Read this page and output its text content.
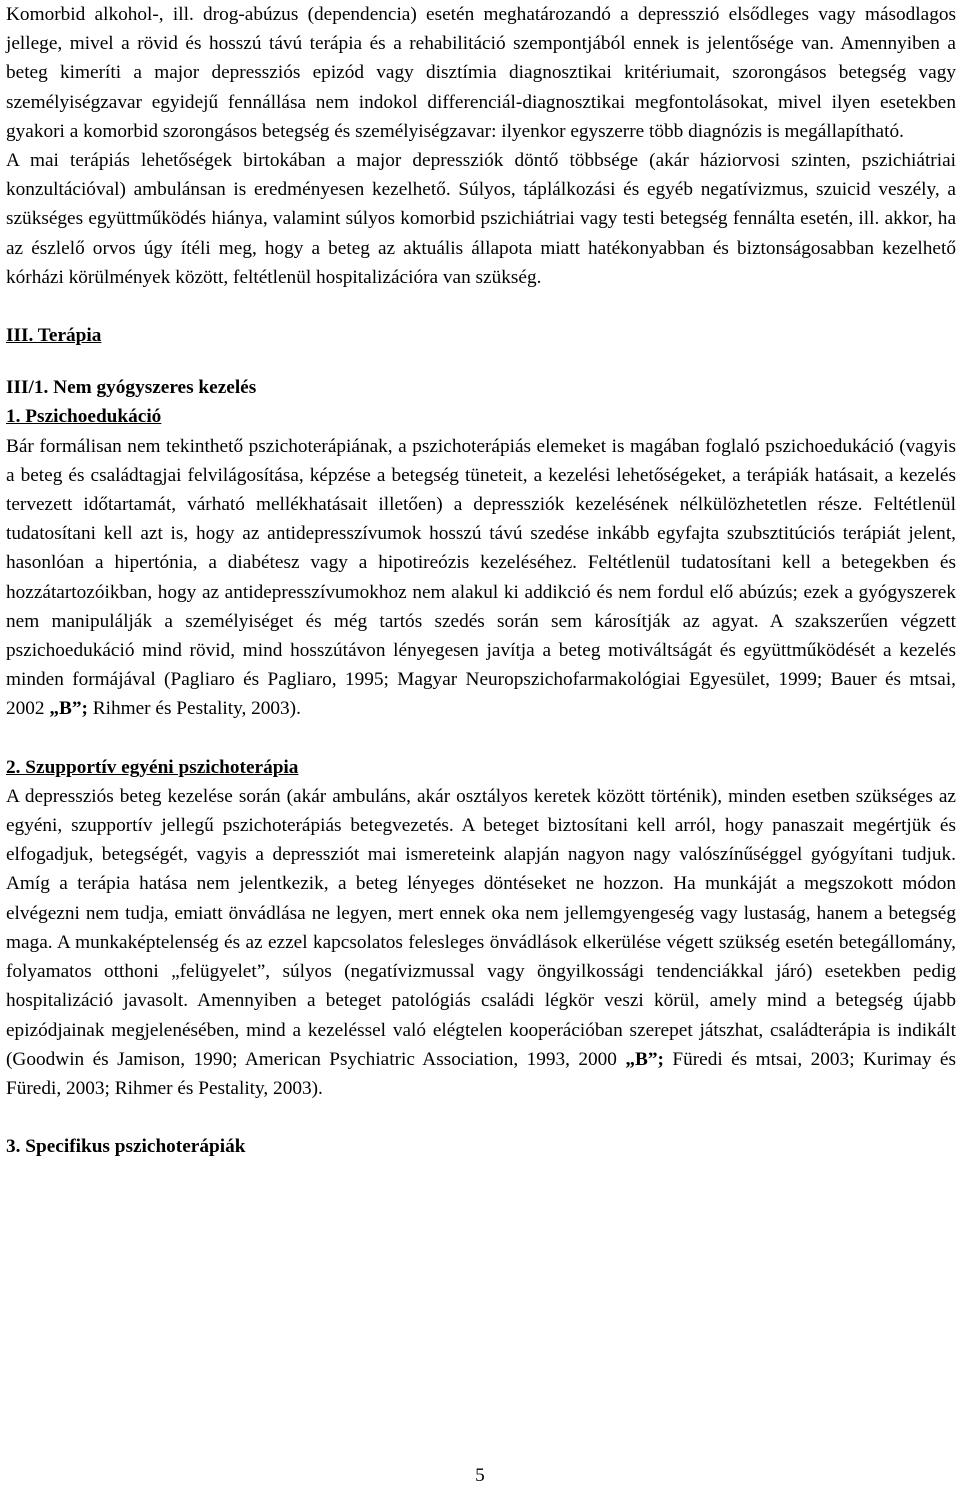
Komorbid alkohol-, ill. drog-abúzus (dependencia) esetén meghatározandó a depresszió elsődleges vagy másodlagos jellege, mivel a rövid és hosszú távú terápia és a rehabilitáció szempontjából ennek is jelentősége van. Amennyiben a beteg kimeríti a major depressziós epizód vagy disztímia diagnosztikai kritériumait, szorongásos betegség vagy személyiségzavar egyidejű fennállása nem indokol differenciál-diagnosztikai megfontolásokat, mivel ilyen esetekben gyakori a komorbid szorongásos betegség és személyiségzavar: ilyenkor egyszerre több diagnózis is megállapítható.

A mai terápiás lehetőségek birtokában a major depressziók döntő többsége (akár háziorvosi szinten, pszichiátriai konzultációval) ambulánsan is eredményesen kezelhető. Súlyos, táplálkozási és egyéb negatívizmus, szuicid veszély, a szükséges együttműködés hiánya, valamint súlyos komorbid pszichiátriai vagy testi betegség fennálta esetén, ill. akkor, ha az észlelő orvos úgy ítéli meg, hogy a beteg az aktuális állapota miatt hatékonyabban és biztonságosabban kezelhető kórházi körülmények között, feltétlenül hospitalizációra van szükség.

III. Terápia

III/1. Nem gyógyszeres kezelés

1. Pszichoedukáció

Bár formálisan nem tekinthető pszichoterápiának, a pszichoterápiás elemeket is magában foglaló pszichoedukáció (vagyis a beteg és családtagjai felvilágosítása, képzése a betegség tüneteit, a kezelési lehetőségeket, a terápiák hatásait, a kezelés tervezett időtartamát, várható mellékhatásait illetően) a depressziók kezelésének nélkülözhetetlen része. Feltétlenül tudatosítani kell azt is, hogy az antidepresszívumok hosszú távú szedése inkább egyfajta szubsztitúciós terápiát jelent, hasonlóan a hipertónia, a diabétesz vagy a hipotireózis kezeléséhez. Feltétlenül tudatosítani kell a betegekben és hozzátartozóikban, hogy az antidepresszívumokhoz nem alakul ki addikció és nem fordul elő abúzús; ezek a gyógyszerek nem manipulálják a személyiséget és még tartós szedés során sem károsítják az agyat. A szakszerűen végzett pszichoedukáció mind rövid, mind hosszútávon lényegesen javítja a beteg motiváltságát és együttműködését a kezelés minden formájával (Pagliaro és Pagliaro, 1995; Magyar Neuropszichofarmakológiai Egyesület, 1999; Bauer és mtsai, 2002 „B”; Rihmer és Pestality, 2003).

2. Szupportív egyéni pszichoterápia

A depressziós beteg kezelése során (akár ambuláns, akár osztályos keretek között történik), minden esetben szükséges az egyéni, szupportív jellegű pszichoterápiás betegvezetés. A beteget biztosítani kell arról, hogy panaszait megértjük és elfogadjuk, betegségét, vagyis a depressziót mai ismereteink alapján nagyon nagy valószínűséggel gyógyítani tudjuk. Amíg a terápia hatása nem jelentkezik, a beteg lényeges döntéseket ne hozzon. Ha munkáját a megszokott módon elvégezni nem tudja, emiatt önvádlása ne legyen, mert ennek oka nem jellemgyengeség vagy lustaság, hanem a betegség maga. A munkaképtelenség és az ezzel kapcsolatos felesleges önvádlások elkerülése végett szükség esetén betegállomány, folyamatos otthoni „felügyelet”, súlyos (negatívizmussal vagy öngyilkossági tendenciákkal járó) esetekben pedig hospitalizáció javasolt. Amennyiben a beteget patológiás családi légkör veszi körül, amely mind a betegség újabb epizódjainak megjelenésében, mind a kezeléssel való elégtelen kooperációban szerepet játszhat, családterápia is indikált (Goodwin és Jamison, 1990; American Psychiatric Association, 1993, 2000 „B”; Füredi és mtsai, 2003; Kurimay és Füredi, 2003; Rihmer és Pestality, 2003).

3. Specifikus pszichoterápiák

5
